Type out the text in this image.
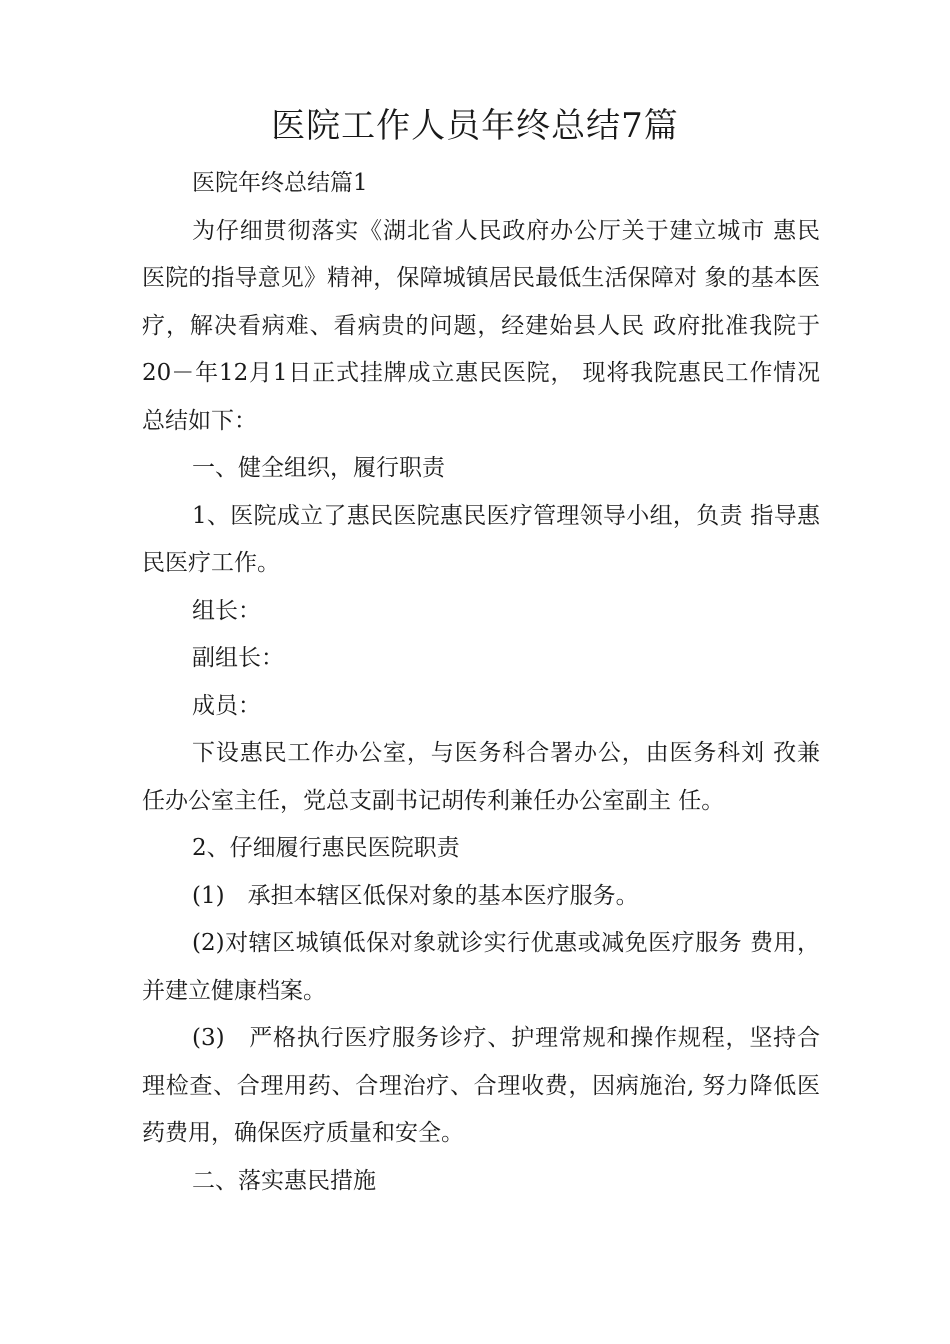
医院工作人员年终总结7篇

医院年终总结篇1

为仔细贯彻落实《湖北省人民政府办公厅关于建立城市 惠民医院的指导意见》精神，保障城镇居民最低生活保障对 象的基本医疗，解决看病难、看病贵的问题，经建始县人民 政府批准我院于20－年12月1日正式挂牌成立惠民医院， 现将我院惠民工作情况总结如下：

一、健全组织，履行职责

1、医院成立了惠民医院惠民医疗管理领导小组，负责 指导惠民医疗工作。

组长：

副组长：

成员：

下设惠民工作办公室，与医务科合署办公，由医务科刘 孜兼任办公室主任，党总支副书记胡传利兼任办公室副主 任。

2、仔细履行惠民医院职责

(1)　承担本辖区低保对象的基本医疗服务。

(2)对辖区城镇低保对象就诊实行优惠或减免医疗服务 费用，并建立健康档案。

(3)　严格执行医疗服务诊疗、护理常规和操作规程，坚持合理检查、合理用药、合理治疗、合理收费，因病施治, 努力降低医药费用，确保医疗质量和安全。

二、落实惠民措施
